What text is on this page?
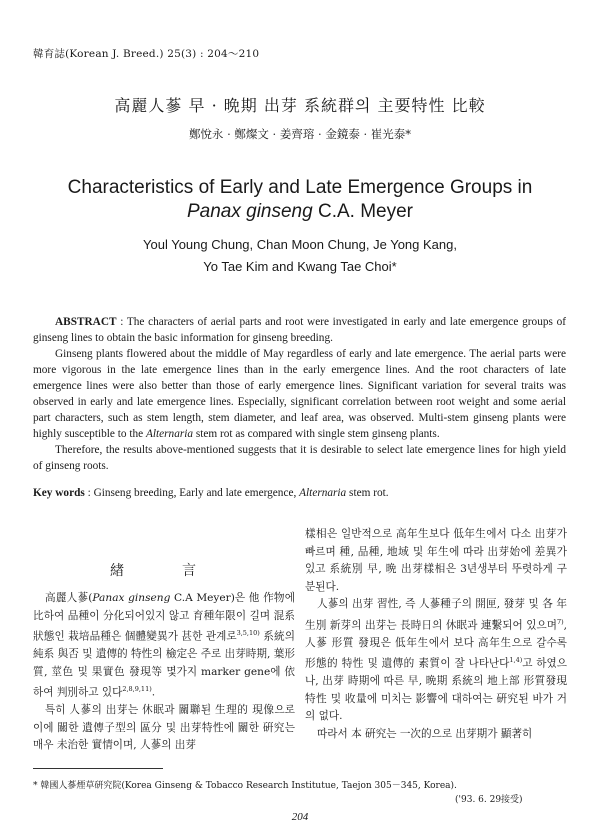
韓育誌(Korean J. Breed.) 25(3) : 204～210
高麗人蔘 早 · 晩期 出芽 系統群의 主要特性 比較
鄭悅永 · 鄭燦文 · 姜齊瑢 · 金鏡泰 · 崔光泰*
Characteristics of Early and Late Emergence Groups in
Panax ginseng C.A. Meyer
Youl Young Chung, Chan Moon Chung, Je Yong Kang,
Yo Tae Kim and Kwang Tae Choi*

ABSTRACT : The characters of aerial parts and root were investigated in early and late emergence groups of ginseng lines to obtain the basic information for ginseng breeding.

Ginseng plants flowered about the middle of May regardless of early and late emergence. The aerial parts were more vigorous in the late emergence lines than in the early emergence lines. And the root characters of late emergence lines were also better than those of early emergence lines. Significant variation for several traits was observed in early and late emergence lines. Especially, significant correlation between root weight and some aerial part characters, such as stem length, stem diameter, and leaf area, was observed. Multi-stem ginseng plants were highly susceptible to the Alternaria stem rot as compared with single stem ginseng plants.

Therefore, the results above-mentioned suggests that it is desirable to select late emergence lines for high yield of ginseng roots.

Key words : Ginseng breeding, Early and late emergence, Alternaria stem rot.
緖　言

高麗人蔘(Panax ginseng C.A Meyer)은 他 作物에 比하여 品種이 分化되어있지 않고 育種年限이 길며 混系狀態인 栽培品種은 個體變異가 甚한 관계로$^{3,5,10)}$ 系統의 純系 與否 및 遺傳的 特性의 檢定은 주로 出芽時期, 葉形質, 莖色 및 果實色 發現等 몇가지 marker gene에 依하여 判別하고 있다$^{2,8,9,11)}$.

특히 人蔘의 出芽는 休眠과 關聯된 生理的 現像으로 이에 關한 遺傳子型의 區分 및 出芽特性에 關한 硏究는 매우 未治한 實情이며, 人蔘의 出芽

樣相은 일반적으로 高年生보다 低年生에서 다소 出芽가 빠르며 種, 品種, 地域 및 年生에 따라 出芽始에 差異가 있고 系統別 早, 晩 出芽樣相은 3년생부터 뚜렷하게 구분된다.

人蔘의 出芽 習性, 즉 人蔘種子의 開匣, 發芽 및 各 年生別 新芽의 出芽는 長時日의 休眠과 連繫되어 있으며$^{7)}$, 人蔘 形質 發現은 低年生에서 보다 高年生으로 갈수록 形態的 特性 및 遺傳的 素質이 잘 나타난다$^{1,4)}$고 하였으나, 出芽 時期에 따른 早, 晩期 系統의 地上部 形質發現 特性 및 收量에 미치는 影響에 대하여는 硏究된 바가 거의 없다.

따라서 本 硏究는 一次的으로 出芽期가 顯著히

* 韓國人蔘煙草硏究院(Korea Ginseng & Tobacco Research Institutue, Taejon 305－345, Korea).
('93. 6. 29接受)
204
